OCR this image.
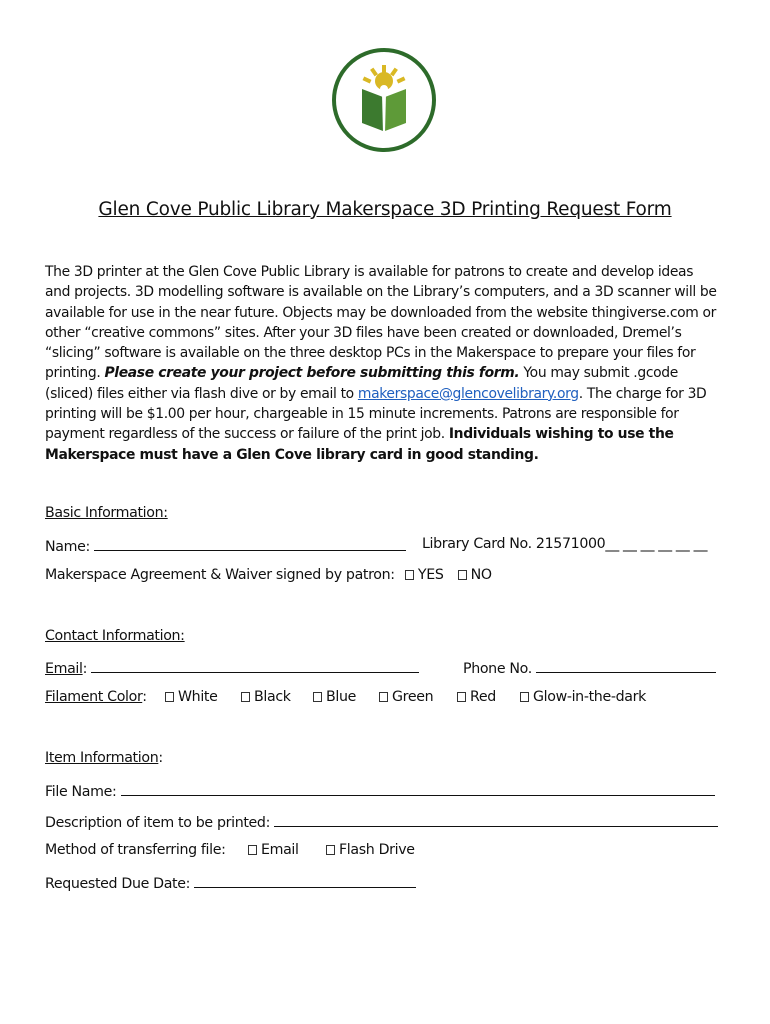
Glen Cove Public Library Makerspace 3D Printing Request Form
The 3D printer at the Glen Cove Public Library is available for patrons to create and develop ideas
and projects. 3D modelling software is available on the Library’s computers, and a 3D scanner will be
available for use in the near future. Objects may be downloaded from the website thingiverse.com or
other “creative commons” sites. After your 3D files have been created or downloaded, Dremel’s
“slicing” software is available on the three desktop PCs in the Makerspace to prepare your files for
printing. Please create your project before submitting this form. You may submit .gcode
(sliced) files either via flash dive or by email to makerspace@glencovelibrary.org. The charge for 3D
printing will be $1.00 per hour, chargeable in 15 minute increments. Patrons are responsible for
payment regardless of the success or failure of the print job. Individuals wishing to use the
Makerspace must have a Glen Cove library card in good standing.
Basic Information:
Name:	Library Card No. 21571000__ __ __ __ __ __
Makerspace Agreement & Waiver signed by patron: YES NO
Contact Information:
Email:	Phone No.
Filament Color:	White	Black	Blue	Green	Red	Glow-in-the-dark
Item Information:
File Name:
Description of item to be printed:
Method of transferring file:	Email	Flash Drive
Requested Due Date:
